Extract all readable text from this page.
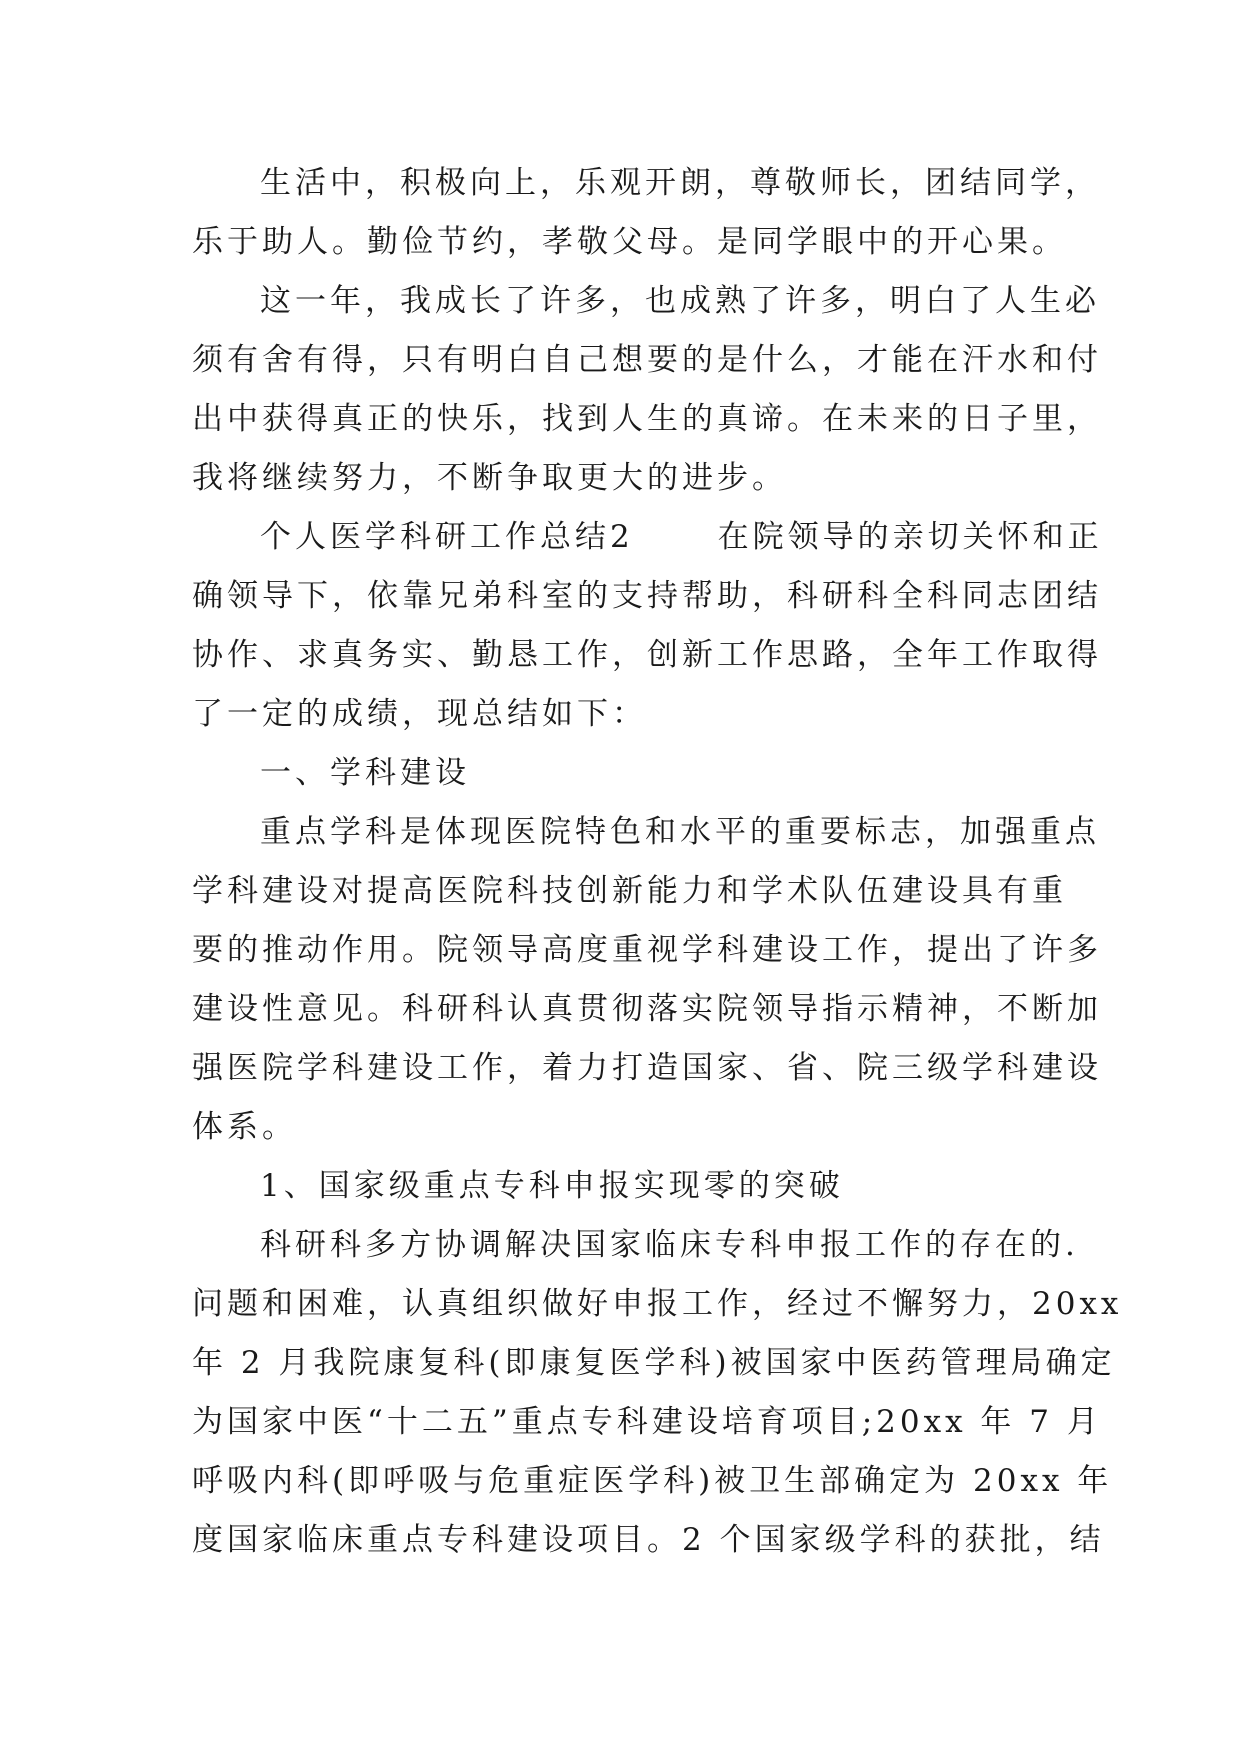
生活中，积极向上，乐观开朗，尊敬师长，团结同学，
乐于助人。勤俭节约，孝敬父母。是同学眼中的开心果。
这一年，我成长了许多，也成熟了许多，明白了人生必
须有舍有得，只有明白自己想要的是什么，才能在汗水和付
出中获得真正的快乐，找到人生的真谛。在未来的日子里，
我将继续努力，不断争取更大的进步。
个人医学科研工作总结2　　 在院领导的亲切关怀和正
确领导下，依靠兄弟科室的支持帮助，科研科全科同志团结
协作、求真务实、勤恳工作，创新工作思路，全年工作取得
了一定的成绩，现总结如下：
一、学科建设
重点学科是体现医院特色和水平的重要标志，加强重点
学科建设对提高医院科技创新能力和学术队伍建设具有重
要的推动作用。院领导高度重视学科建设工作，提出了许多
建设性意见。科研科认真贯彻落实院领导指示精神，不断加
强医院学科建设工作，着力打造国家、省、院三级学科建设
体系。
1、国家级重点专科申报实现零的突破
科研科多方协调解决国家临床专科申报工作的存在的.
问题和困难，认真组织做好申报工作，经过不懈努力，20xx
年 2 月我院康复科(即康复医学科)被国家中医药管理局确定
为国家中医“十二五”重点专科建设培育项目;20xx 年 7 月
呼吸内科(即呼吸与危重症医学科)被卫生部确定为 20xx 年
度国家临床重点专科建设项目。2 个国家级学科的获批，结
